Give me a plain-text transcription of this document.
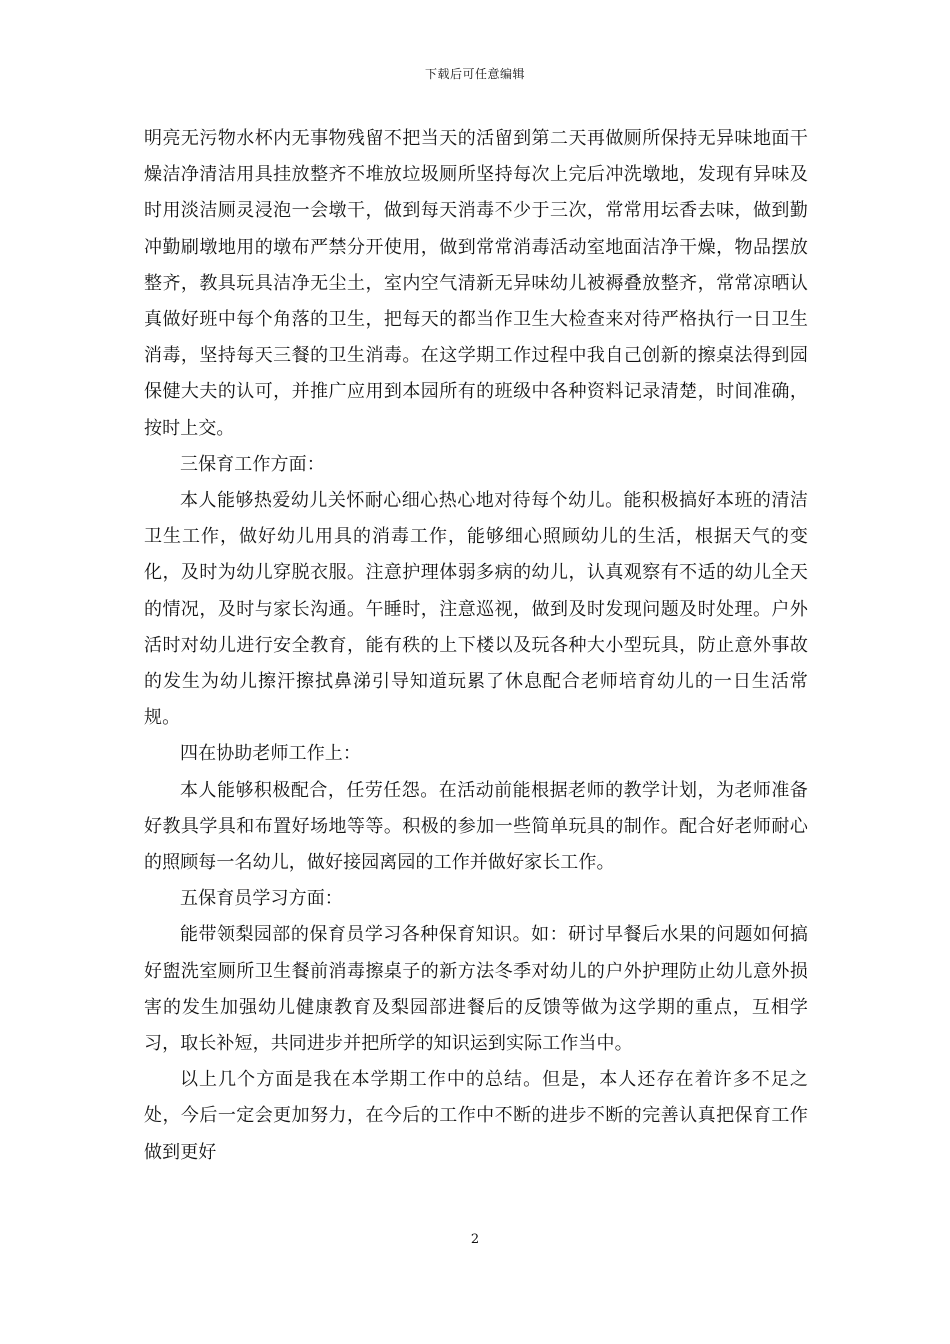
下载后可任意编辑

明亮无污物水杯内无事物残留不把当天的活留到第二天再做厕所保持无异味地面干燥洁净清洁用具挂放整齐不堆放垃圾厕所坚持每次上完后冲洗墩地，发现有异味及时用淡洁厕灵浸泡一会墩干，做到每天消毒不少于三次，常常用坛香去味，做到勤冲勤刷墩地用的墩布严禁分开使用，做到常常消毒活动室地面洁净干燥，物品摆放整齐，教具玩具洁净无尘土，室内空气清新无异味幼儿被褥叠放整齐，常常凉晒认真做好班中每个角落的卫生，把每天的都当作卫生大检查来对待严格执行一日卫生消毒，坚持每天三餐的卫生消毒。在这学期工作过程中我自己创新的擦桌法得到园保健大夫的认可，并推广应用到本园所有的班级中各种资料记录清楚，时间准确，按时上交。

三保育工作方面：

本人能够热爱幼儿关怀耐心细心热心地对待每个幼儿。能积极搞好本班的清洁卫生工作，做好幼儿用具的消毒工作，能够细心照顾幼儿的生活，根据天气的变化，及时为幼儿穿脱衣服。注意护理体弱多病的幼儿，认真观察有不适的幼儿全天的情况，及时与家长沟通。午睡时，注意巡视，做到及时发现问题及时处理。户外活时对幼儿进行安全教育，能有秩的上下楼以及玩各种大小型玩具，防止意外事故的发生为幼儿擦汗擦拭鼻涕引导知道玩累了休息配合老师培育幼儿的一日生活常规。

四在协助老师工作上：

本人能够积极配合，任劳任怨。在活动前能根据老师的教学计划，为老师准备好教具学具和布置好场地等等。积极的参加一些简单玩具的制作。配合好老师耐心的照顾每一名幼儿，做好接园离园的工作并做好家长工作。

五保育员学习方面：

能带领梨园部的保育员学习各种保育知识。如：研讨早餐后水果的问题如何搞好盥洗室厕所卫生餐前消毒擦桌子的新方法冬季对幼儿的户外护理防止幼儿意外损害的发生加强幼儿健康教育及梨园部进餐后的反馈等做为这学期的重点，互相学习，取长补短，共同进步并把所学的知识运到实际工作当中。

以上几个方面是我在本学期工作中的总结。但是，本人还存在着许多不足之处，今后一定会更加努力，在今后的工作中不断的进步不断的完善认真把保育工作做到更好

2
